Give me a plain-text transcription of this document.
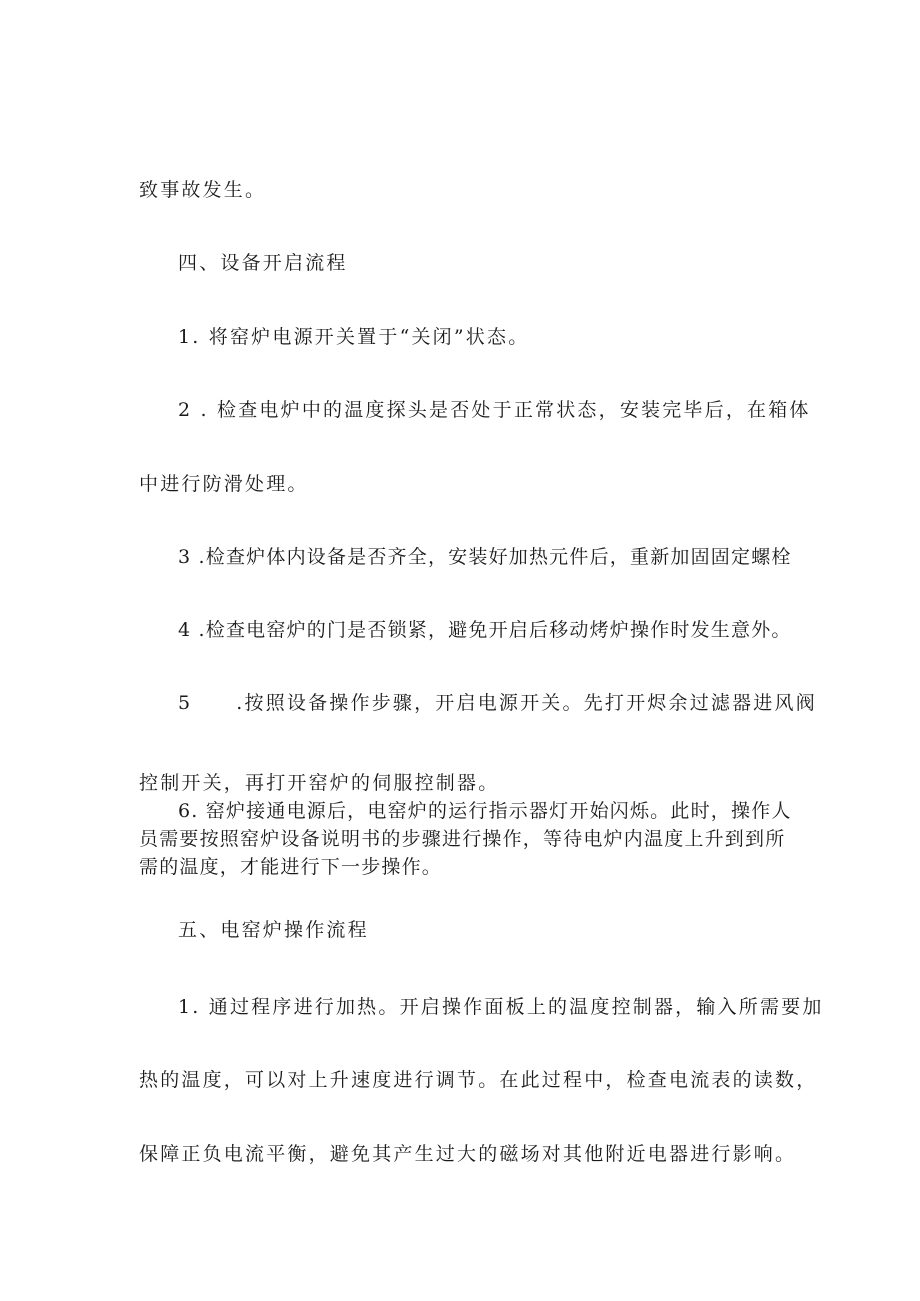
致事故发生。
四、设备开启流程
1. 将窑炉电源开关置于“关闭”状态。
2 . 检查电炉中的温度探头是否处于正常状态，安装完毕后，在箱体
中进行防滑处理。
3 .检查炉体内设备是否齐全，安装好加热元件后，重新加固固定螺栓
4 .检查电窑炉的门是否锁紧，避免开启后移动烤炉操作时发生意外。
5 .按照设备操作步骤，开启电源开关。先打开烬余过滤器进风阀
控制开关，再打开窑炉的伺服控制器。
6. 窑炉接通电源后，电窑炉的运行指示器灯开始闪烁。此时，操作人
员需要按照窑炉设备说明书的步骤进行操作，等待电炉内温度上升到到所
需的温度，才能进行下一步操作。
五、电窑炉操作流程
1. 通过程序进行加热。开启操作面板上的温度控制器，输入所需要加
热的温度，可以对上升速度进行调节。在此过程中，检查电流表的读数，
保障正负电流平衡，避免其产生过大的磁场对其他附近电器进行影响。
